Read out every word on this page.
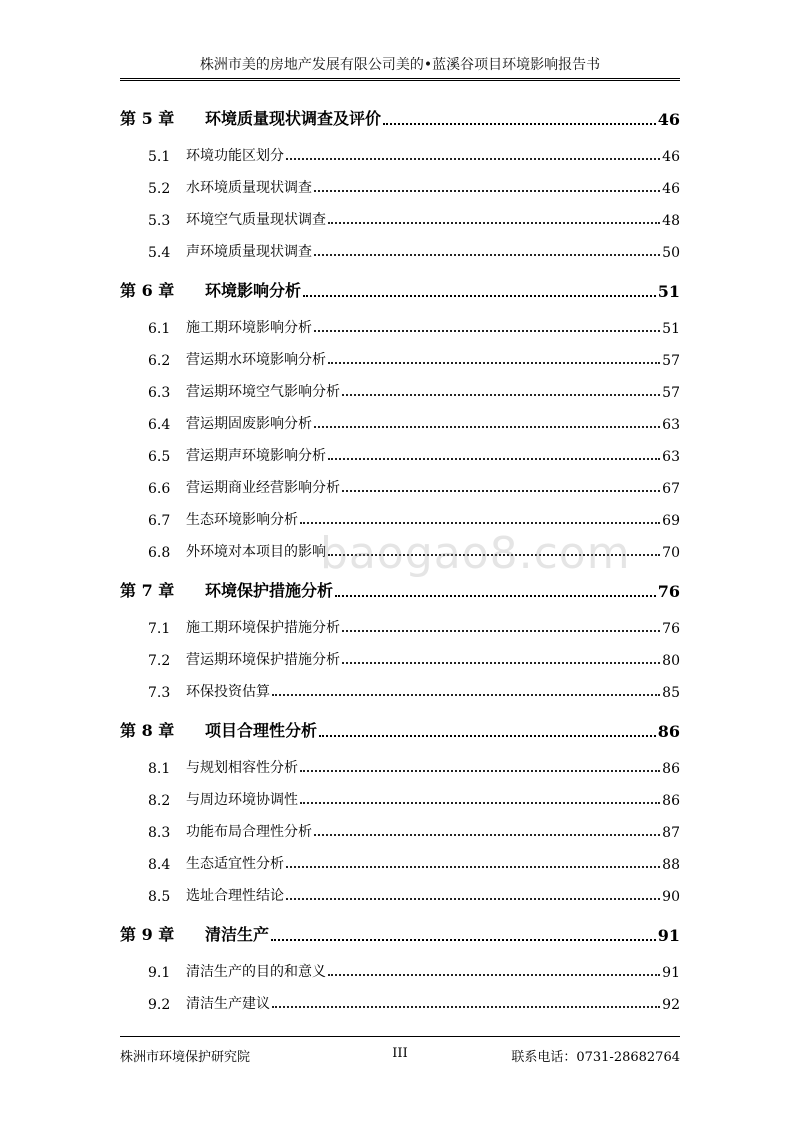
株洲市美的房地产发展有限公司美的•蓝溪谷项目环境影响报告书
第 5 章	环境质量现状调查及评价	46
5.1	环境功能区划分	46
5.2	水环境质量现状调查	46
5.3	环境空气质量现状调查	48
5.4	声环境质量现状调查	50
第 6 章	环境影响分析	51
6.1	施工期环境影响分析	51
6.2	营运期水环境影响分析	57
6.3	营运期环境空气影响分析	57
6.4	营运期固废影响分析	63
6.5	营运期声环境影响分析	63
6.6	营运期商业经营影响分析	67
6.7	生态环境影响分析	69
6.8	外环境对本项目的影响	70
第 7 章	环境保护措施分析	76
7.1	施工期环境保护措施分析	76
7.2	营运期环境保护措施分析	80
7.3	环保投资估算	85
第 8 章	项目合理性分析	86
8.1	与规划相容性分析	86
8.2	与周边环境协调性	86
8.3	功能布局合理性分析	87
8.4	生态适宜性分析	88
8.5	选址合理性结论	90
第 9 章	清洁生产	91
9.1	清洁生产的目的和意义	91
9.2	清洁生产建议	92
baogao8.com
株洲市环境保护研究院	III	联系电话：0731-28682764
